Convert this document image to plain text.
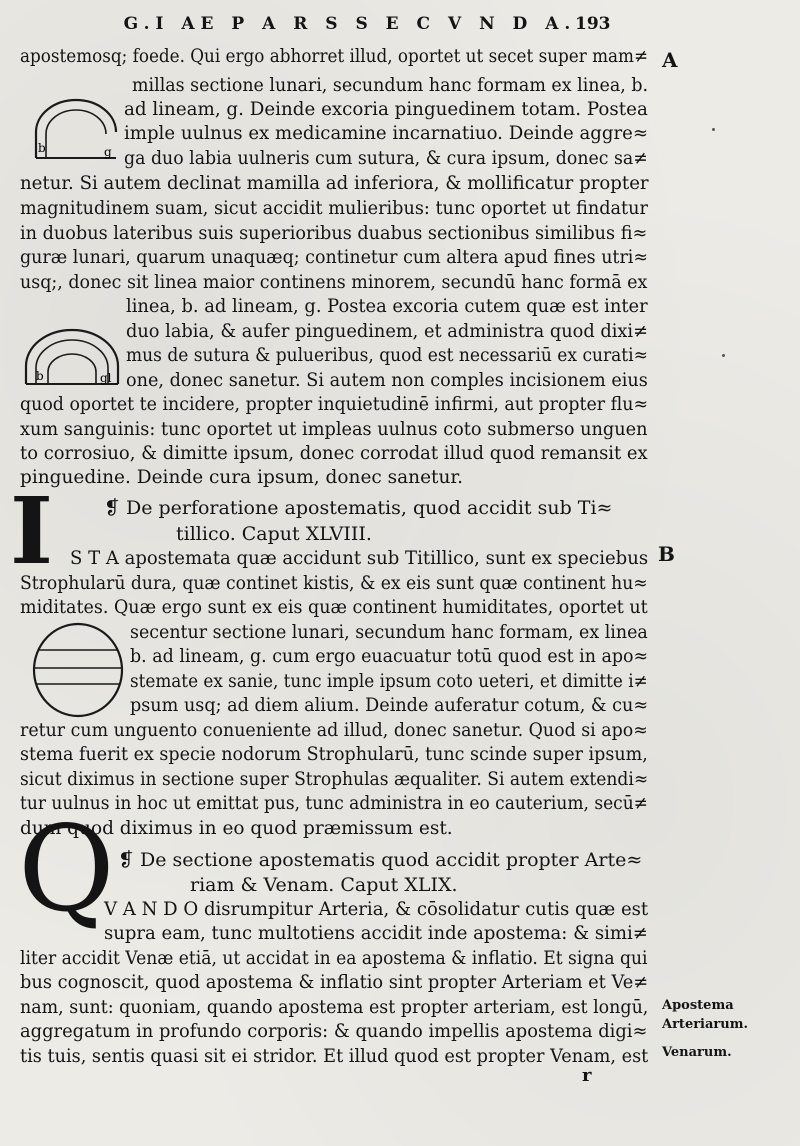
G.I AE P A R S S E C V N D A.
193
A
B
Apostema
Arteriarum.
Venarum.
b	g
b	gl
I
Q
apostemosq; foede. Qui ergo abhorret illud, oportet ut secet super mam≠
millas sectione lunari, secundum hanc formam ex linea, b.
ad lineam, g. Deinde excoria pinguedinem totam. Postea
imple uulnus ex medicamine incarnatiuo. Deinde aggre≈
ga duo labia uulneris cum sutura, & cura ipsum, donec sa≠
netur. Si autem declinat mamilla ad inferiora, & mollificatur propter
magnitudinem suam, sicut accidit mulieribus: tunc oportet ut findatur
in duobus lateribus suis superioribus duabus sectionibus similibus fi≈
guræ lunari, quarum unaquæq; continetur cum altera apud fines utri≈
usq;, donec sit linea maior continens minorem, secundū hanc formā ex
linea, b. ad lineam, g. Postea excoria cutem quæ est inter
duo labia, & aufer pinguedinem, et administra quod dixi≠
mus de sutura & pulueribus, quod est necessariū ex curati≈
one, donec sanetur. Si autem non comples incisionem eius
quod oportet te incidere, propter inquietudinē infirmi, aut propter flu≈
xum sanguinis: tunc oportet ut impleas uulnus coto submerso unguen
to corrosiuo, & dimitte ipsum, donec corrodat illud quod remansit ex
pinguedine. Deinde cura ipsum, donec sanetur.
❡ De perforatione apostematis, quod accidit sub Ti≈
tillico. Caput XLVIII.
S T A apostemata quæ accidunt sub Titillico, sunt ex speciebus
Strophularū dura, quæ continet kistis, & ex eis sunt quæ continent hu≈
miditates. Quæ ergo sunt ex eis quæ continent humiditates, oportet ut
secentur sectione lunari, secundum hanc formam, ex linea
b. ad lineam, g. cum ergo euacuatur totū quod est in apo≈
stemate ex sanie, tunc imple ipsum coto ueteri, et dimitte i≠
psum usq; ad diem alium. Deinde auferatur cotum, & cu≈
retur cum unguento conueniente ad illud, donec sanetur. Quod si apo≈
stema fuerit ex specie nodorum Strophularū, tunc scinde super ipsum,
sicut diximus in sectione super Strophulas æqualiter. Si autem extendi≈
tur uulnus in hoc ut emittat pus, tunc administra in eo cauterium, secū≠
dum quod diximus in eo quod præmissum est.
❡ De sectione apostematis quod accidit propter Arte≈
riam & Venam. Caput XLIX.
V A N D O disrumpitur Arteria, & cōsolidatur cutis quæ est
supra eam, tunc multotiens accidit inde apostema: & simi≠
liter accidit Venæ etiā, ut accidat in ea apostema & inflatio. Et signa qui
bus cognoscit, quod apostema & inflatio sint propter Arteriam et Ve≠
nam, sunt: quoniam, quando apostema est propter arteriam, est longū,
aggregatum in profundo corporis: & quando impellis apostema digi≈
tis tuis, sentis quasi sit ei stridor. Et illud quod est propter Venam, est
r
